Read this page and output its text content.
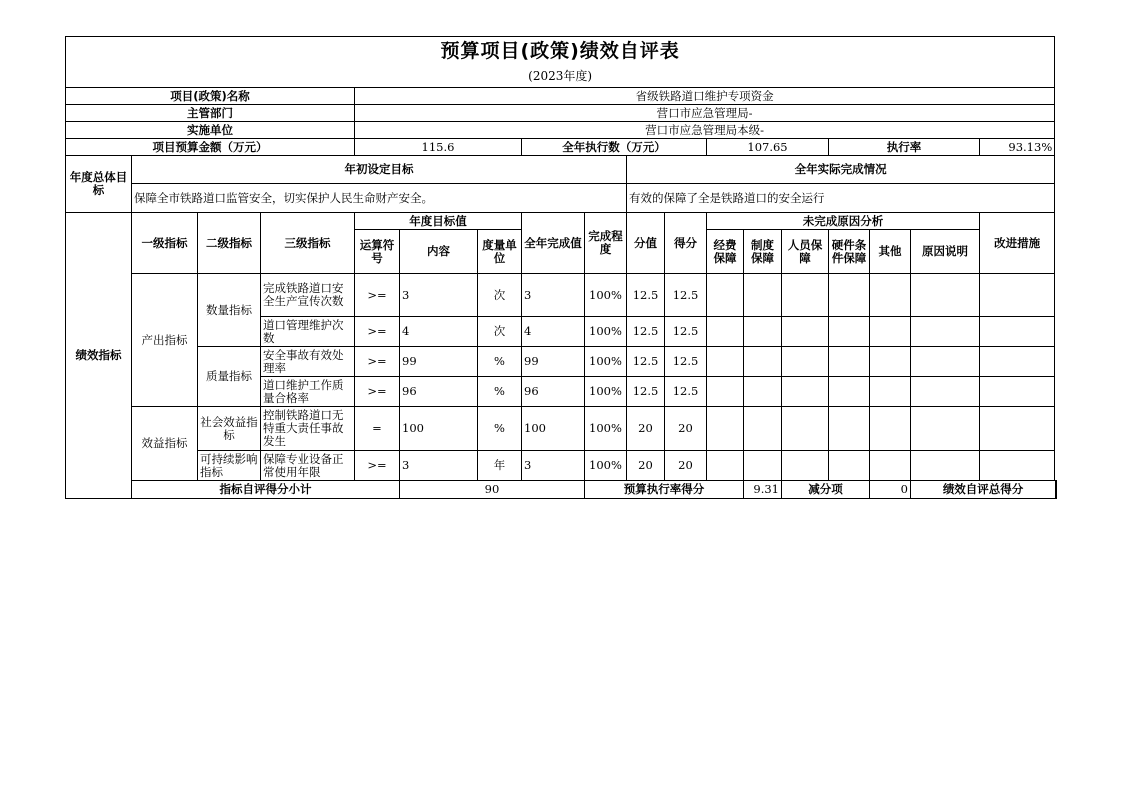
预算项目(政策)绩效自评表																		
(2023年度)																		
项目(政策)名称				省级铁路道口维护专项资金														
主管部门				营口市应急管理局-														
实施单位				营口市应急管理局本级-														
项目预算金额（万元）				115.6			全年执行数（万元）				107.65			执行率			93.13%	
年度总体目标	年初设定目标								全年实际完成情况									
	保障全市铁路道口监管安全，切实保护人民生命财产安全。								有效的保障了全是铁路道口的安全运行									
绩效指标	一级指标	二级指标	三级指标	年度目标值			全年完成值	完成程度	分值	得分	未完成原因分析						改进措施	
				运算符号	内容	度量单位					经费保障	制度保障	人员保障	硬件条件保障	其他	原因说明		

	产出指标	数量指标	完成铁路道口安全生产宣传次数	>=	3	次	3	100%	12.5	12.5								
			道口管理维护次数	>=	4	次	4	100%	12.5	12.5								
		质量指标	安全事故有效处理率	>=	99	%	99	100%	12.5	12.5								
			道口维护工作质量合格率	>=	96	%	96	100%	12.5	12.5								
	效益指标	社会效益指标	控制铁路道口无特重大责任事故发生	=	100	%	100	100%	20	20								
		可持续影响指标	保障专业设备正常使用年限	>=	3	年	3	100%	20	20								
	指标自评得分小计				90			预算执行率得分				9.31	减分项		0	绩效自评总得分	
